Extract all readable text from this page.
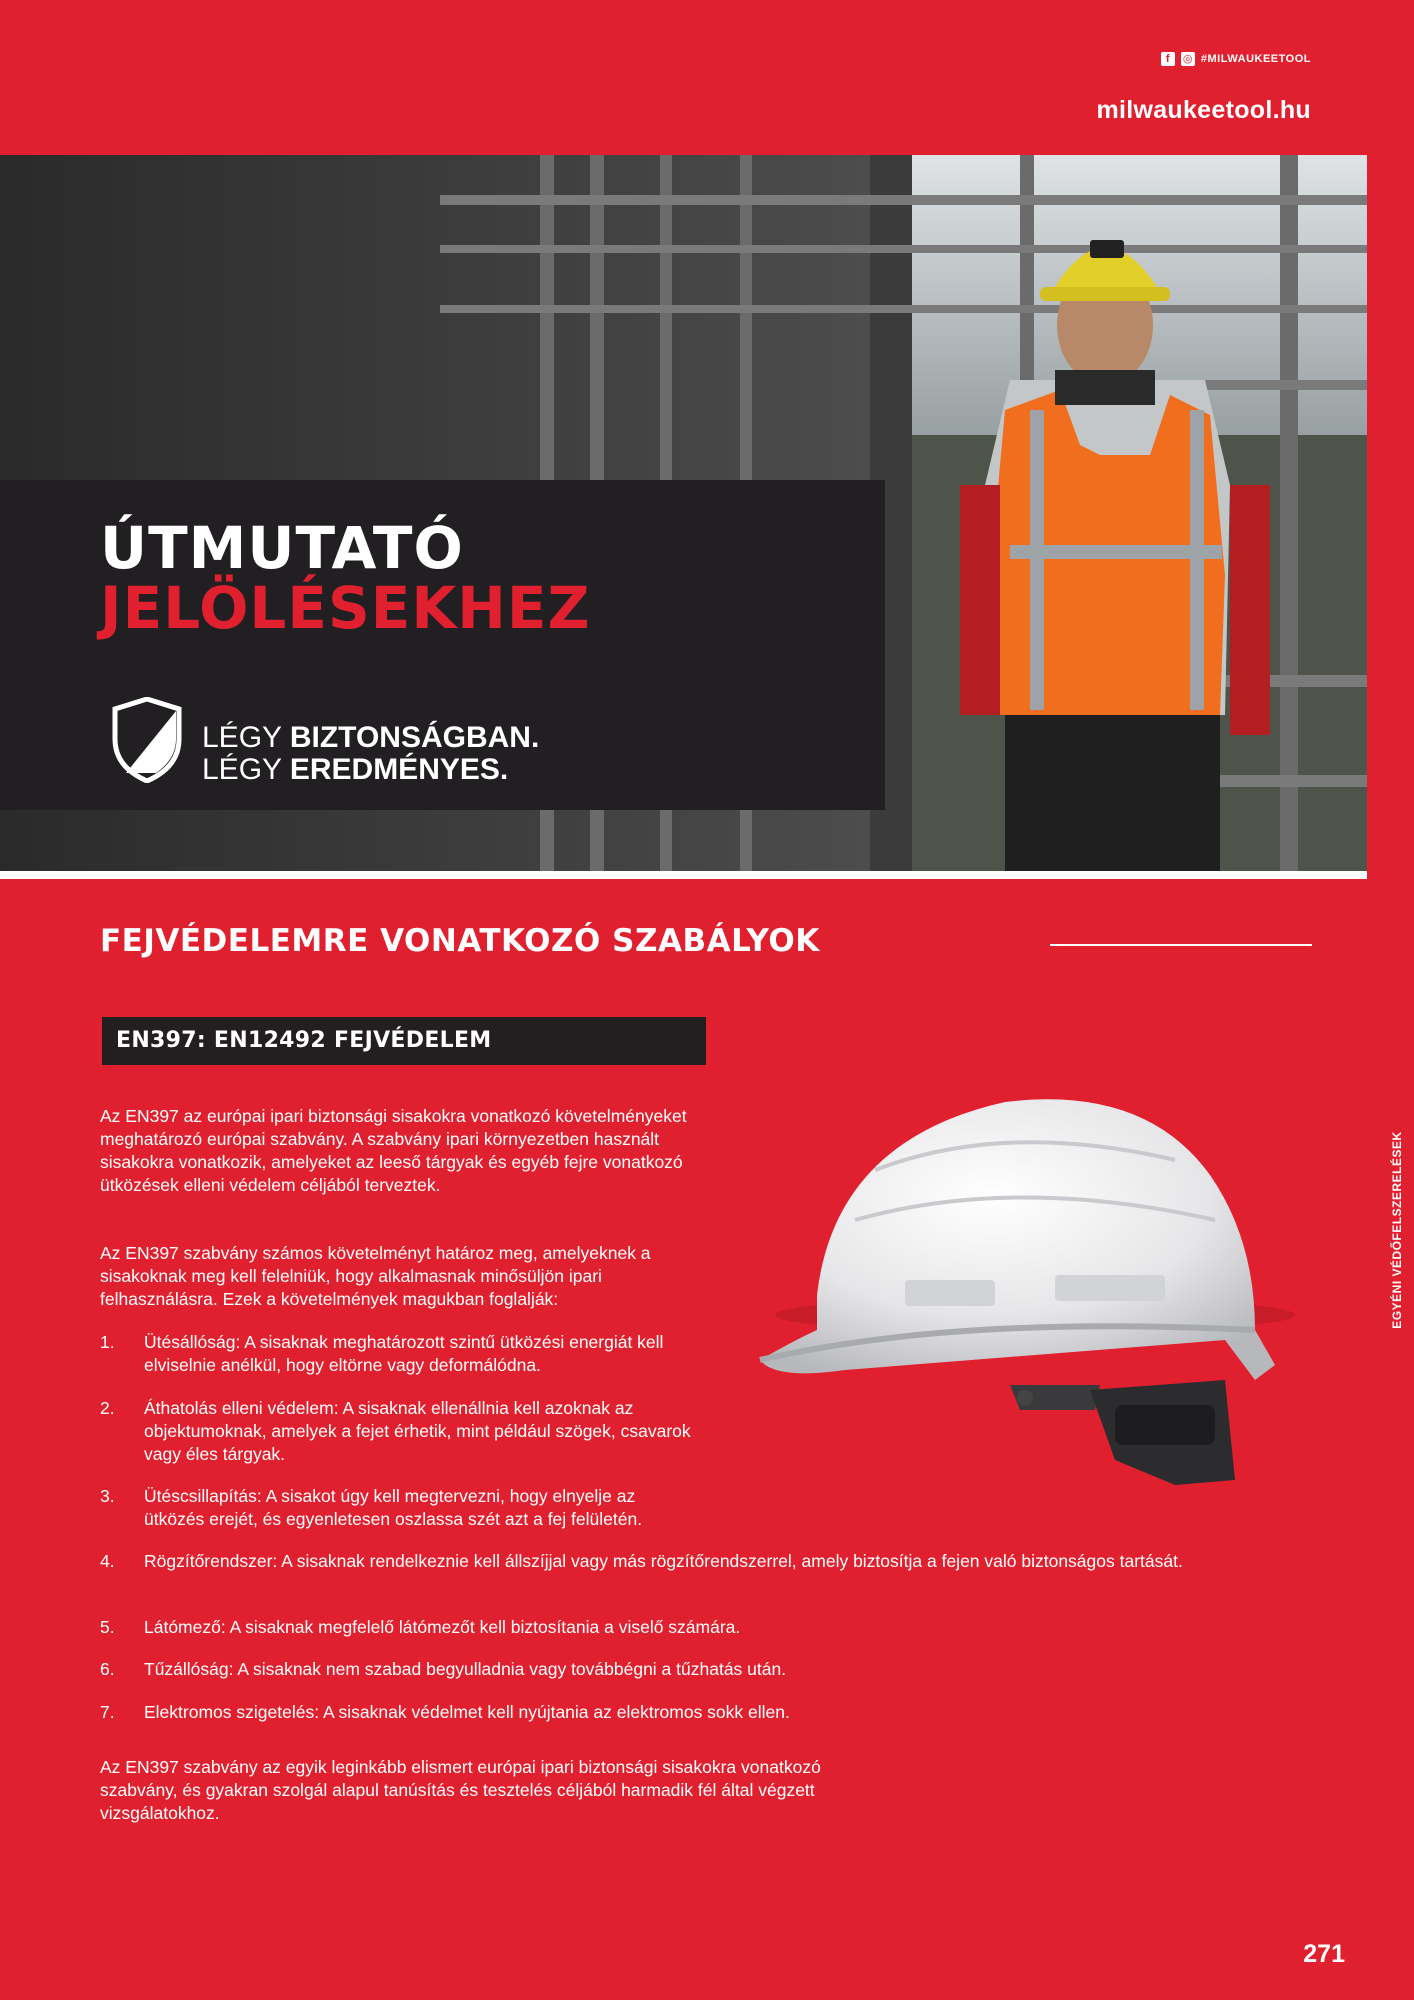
f	◎ #MILWAUKEETOOL
milwaukeetool.hu
ÚTMUTATÓ
JELÖLÉSEKHEZ
LÉGY BIZTONSÁGBAN.
LÉGY EREDMÉNYES.
FEJVÉDELEMRE VONATKOZÓ SZABÁLYOK
EN397: EN12492 FEJVÉDELEM
Az EN397 az európai ipari biztonsági sisakokra vonatkozó követelményeket meghatározó európai szabvány. A szabvány ipari környezetben használt sisakokra vonatkozik, amelyeket az leeső tárgyak és egyéb fejre vonatkozó ütközések elleni védelem céljából terveztek.
Az EN397 szabvány számos követelményt határoz meg, amelyeknek a sisakoknak meg kell felelniük, hogy alkalmasnak minősüljön ipari felhasználásra. Ezek a követelmények magukban foglalják:
1.	Ütésállóság: A sisaknak meghatározott szintű ütközési energiát kell elviselnie anélkül, hogy eltörne vagy deformálódna.
2.	Áthatolás elleni védelem: A sisaknak ellenállnia kell azoknak az objektumoknak, amelyek a fejet érhetik, mint például szögek, csavarok vagy éles tárgyak.
3.	Ütéscsillapítás: A sisakot úgy kell megtervezni, hogy elnyelje az ütközés erejét, és egyenletesen oszlassa szét azt a fej felületén.
4.	Rögzítőrendszer: A sisaknak rendelkeznie kell állszíjjal vagy más rögzítőrendszerrel, amely biztosítja a fejen való biztonságos tartását.
5.	Látómező: A sisaknak megfelelő látómezőt kell biztosítania a viselő számára.
6.	Tűzállóság: A sisaknak nem szabad begyulladnia vagy továbbégni a tűzhatás után.
7.	Elektromos szigetelés: A sisaknak védelmet kell nyújtania az elektromos sokk ellen.
Az EN397 szabvány az egyik leginkább elismert európai ipari biztonsági sisakokra vonatkozó szabvány, és gyakran szolgál alapul tanúsítás és tesztelés céljából harmadik fél által végzett vizsgálatokhoz.
EGYÉNI VÉDŐFELSZERELÉSEK
271
